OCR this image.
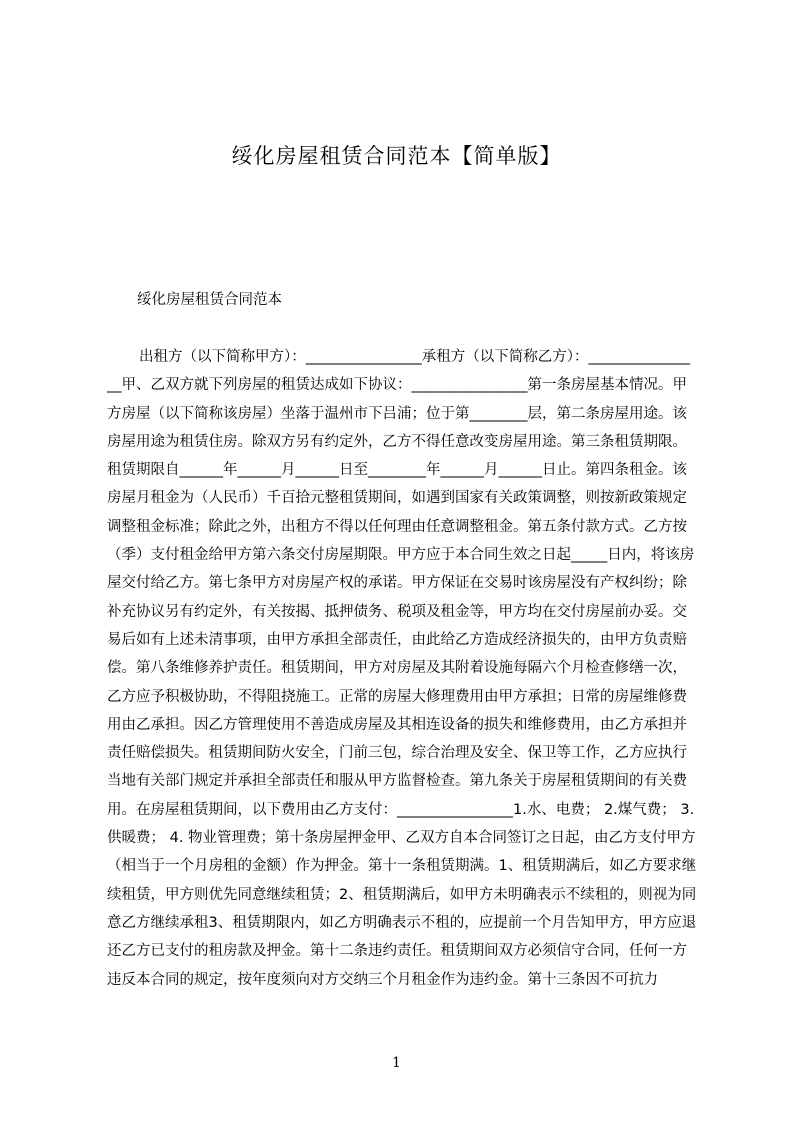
绥化房屋租赁合同范本【简单版】

绥化房屋租赁合同范本

出租方（以下简称甲方）：________________承租方（以下简称乙方）：________________甲、乙双方就下列房屋的租赁达成如下协议：________________第一条房屋基本情况。甲方房屋（以下简称该房屋）坐落于温州市下吕浦；位于第________层，第二条房屋用途。该房屋用途为租赁住房。除双方另有约定外，乙方不得任意改变房屋用途。第三条租赁期限。租赁期限自______年______月______日至________年______月______日止。第四条租金。该房屋月租金为（人民币）千百拾元整租赁期间，如遇到国家有关政策调整，则按新政策规定调整租金标准；除此之外，出租方不得以任何理由任意调整租金。第五条付款方式。乙方按（季）支付租金给甲方第六条交付房屋期限。甲方应于本合同生效之日起_____日内，将该房屋交付给乙方。第七条甲方对房屋产权的承诺。甲方保证在交易时该房屋没有产权纠纷；除补充协议另有约定外，有关按揭、抵押债务、税项及租金等，甲方均在交付房屋前办妥。交易后如有上述未清事项，由甲方承担全部责任，由此给乙方造成经济损失的，由甲方负责赔偿。第八条维修养护责任。租赁期间，甲方对房屋及其附着设施每隔六个月检查修缮一次，乙方应予积极协助，不得阻挠施工。正常的房屋大修理费用由甲方承担；日常的房屋维修费用由乙承担。因乙方管理使用不善造成房屋及其相连设备的损失和维修费用，由乙方承担并责任赔偿损失。租赁期间防火安全，门前三包，综合治理及安全、保卫等工作，乙方应执行当地有关部门规定并承担全部责任和服从甲方监督检查。第九条关于房屋租赁期间的有关费用。在房屋租赁期间，以下费用由乙方支付：________________1.水、电费； 2.煤气费； 3.供暖费； 4. 物业管理费；第十条房屋押金甲、乙双方自本合同签订之日起，由乙方支付甲方（相当于一个月房租的金额）作为押金。第十一条租赁期满。1、租赁期满后，如乙方要求继续租赁，甲方则优先同意继续租赁；2、租赁期满后，如甲方未明确表示不续租的，则视为同意乙方继续承租3、租赁期限内，如乙方明确表示不租的，应提前一个月告知甲方，甲方应退还乙方已支付的租房款及押金。第十二条违约责任。租赁期间双方必须信守合同，任何一方违反本合同的规定，按年度须向对方交纳三个月租金作为违约金。第十三条因不可抗力

1
